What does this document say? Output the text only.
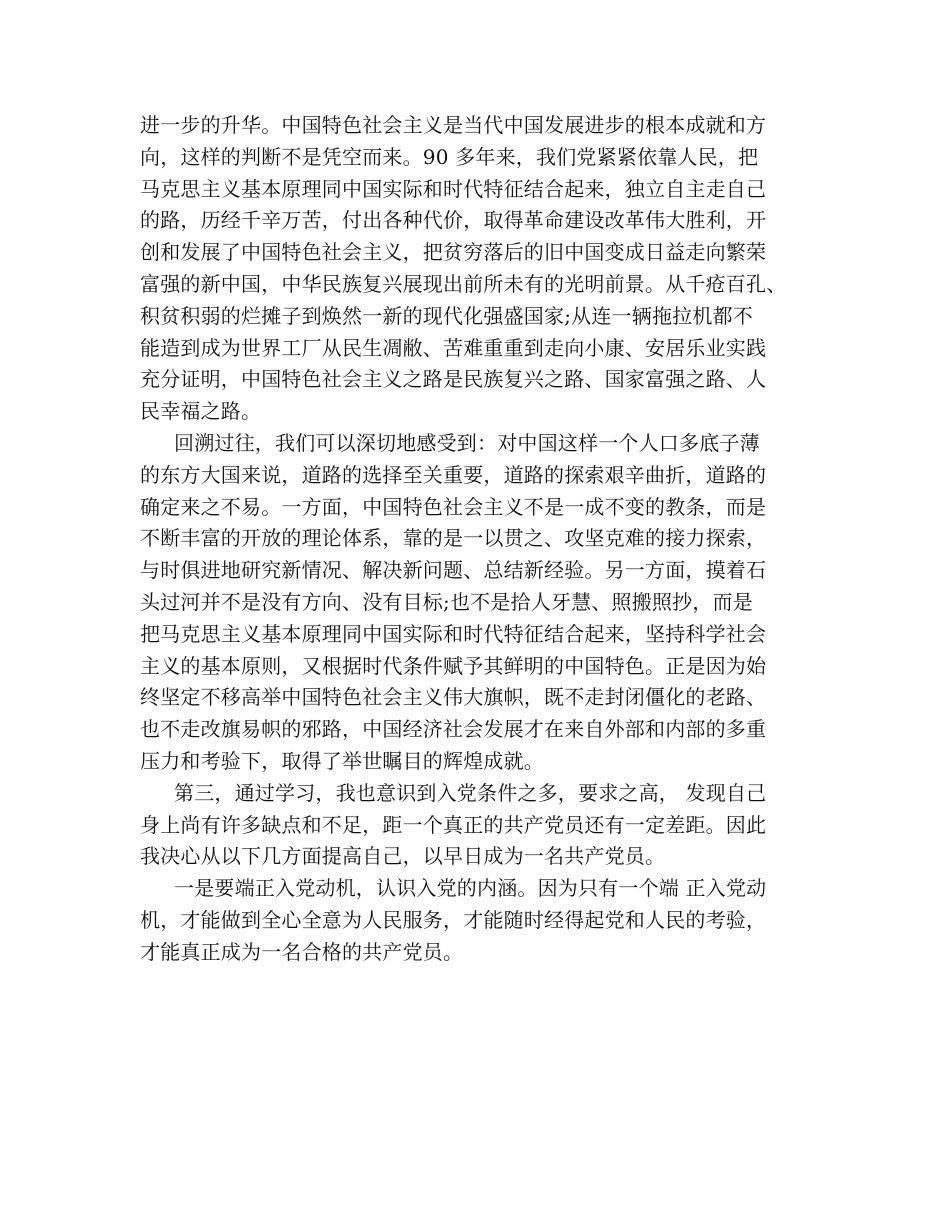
进一步的升华。中国特色社会主义是当代中国发展进步的根本成就和方
向，这样的判断不是凭空而来。90 多年来，我们党紧紧依靠人民，把
马克思主义基本原理同中国实际和时代特征结合起来，独立自主走自己
的路，历经千辛万苦，付出各种代价，取得革命建设改革伟大胜利，开
创和发展了中国特色社会主义，把贫穷落后的旧中国变成日益走向繁荣
富强的新中国，中华民族复兴展现出前所未有的光明前景。从千疮百孔、
积贫积弱的烂摊子到焕然一新的现代化强盛国家;从连一辆拖拉机都不
能造到成为世界工厂从民生凋敝、苦难重重到走向小康、安居乐业实践
充分证明，中国特色社会主义之路是民族复兴之路、国家富强之路、人
民幸福之路。
回溯过往，我们可以深切地感受到：对中国这样一个人口多底子薄
的东方大国来说，道路的选择至关重要，道路的探索艰辛曲折，道路的
确定来之不易。一方面，中国特色社会主义不是一成不变的教条，而是
不断丰富的开放的理论体系，靠的是一以贯之、攻坚克难的接力探索，
与时俱进地研究新情况、解决新问题、总结新经验。另一方面，摸着石
头过河并不是没有方向、没有目标;也不是拾人牙慧、照搬照抄，而是
把马克思主义基本原理同中国实际和时代特征结合起来，坚持科学社会
主义的基本原则，又根据时代条件赋予其鲜明的中国特色。正是因为始
终坚定不移高举中国特色社会主义伟大旗帜，既不走封闭僵化的老路、
也不走改旗易帜的邪路，中国经济社会发展才在来自外部和内部的多重
压力和考验下，取得了举世瞩目的辉煌成就。
第三，通过学习，我也意识到入党条件之多，要求之高， 发现自己
身上尚有许多缺点和不足，距一个真正的共产党员还有一定差距。因此
我决心从以下几方面提高自己，以早日成为一名共产党员。
一是要端正入党动机，认识入党的内涵。因为只有一个端 正入党动
机，才能做到全心全意为人民服务，才能随时经得起党和人民的考验，
才能真正成为一名合格的共产党员。
